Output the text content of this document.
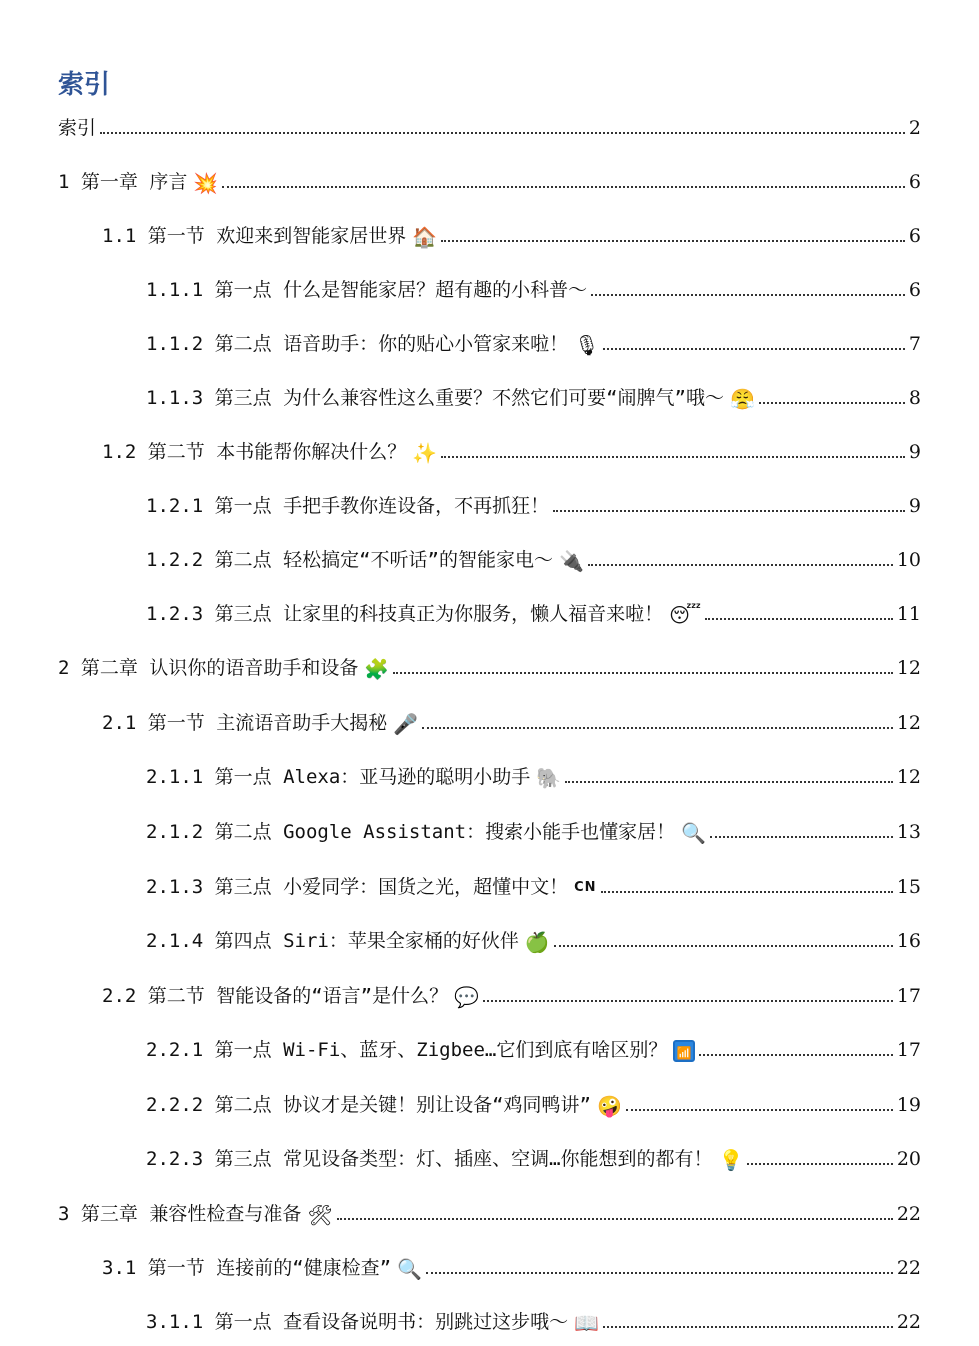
索引
索引	2
1 第一章 序言 💥	6
1.1 第一节 欢迎来到智能家居世界 🏠	6
1.1.1 第一点 什么是智能家居？超有趣的小科普～	6
1.1.2 第二点 语音助手：你的贴心小管家来啦！ 🎙	7
1.1.3 第三点 为什么兼容性这么重要？不然它们可要“闹脾气”哦～ 😤	8
1.2 第二节 本书能帮你解决什么？ ✨	9
1.2.1 第一点 手把手教你连设备，不再抓狂！	9
1.2.2 第二点 轻松搞定“不听话”的智能家电～ 🔌	10
1.2.3 第三点 让家里的科技真正为你服务，懒人福音来啦！ 😴	11
2 第二章 认识你的语音助手和设备 🧩	12
2.1 第一节 主流语音助手大揭秘 🎤	12
2.1.1 第一点 Alexa：亚马逊的聪明小助手 🐘	12
2.1.2 第二点 Google Assistant：搜索小能手也懂家居！ 🔍	13
2.1.3 第三点 小爱同学：国货之光，超懂中文！ CN	15
2.1.4 第四点 Siri：苹果全家桶的好伙伴 🍏	16
2.2 第二节 智能设备的“语言”是什么？ 💬	17
2.2.1 第一点 Wi-Fi、蓝牙、Zigbee…它们到底有啥区别？ 📶	17
2.2.2 第二点 协议才是关键！别让设备“鸡同鸭讲” 🤪	19
2.2.3 第三点 常见设备类型：灯、插座、空调…你能想到的都有！ 💡	20
3 第三章 兼容性检查与准备 🛠	22
3.1 第一节 连接前的“健康检查” 🔍	22
3.1.1 第一点 查看设备说明书：别跳过这步哦～ 📖	22
